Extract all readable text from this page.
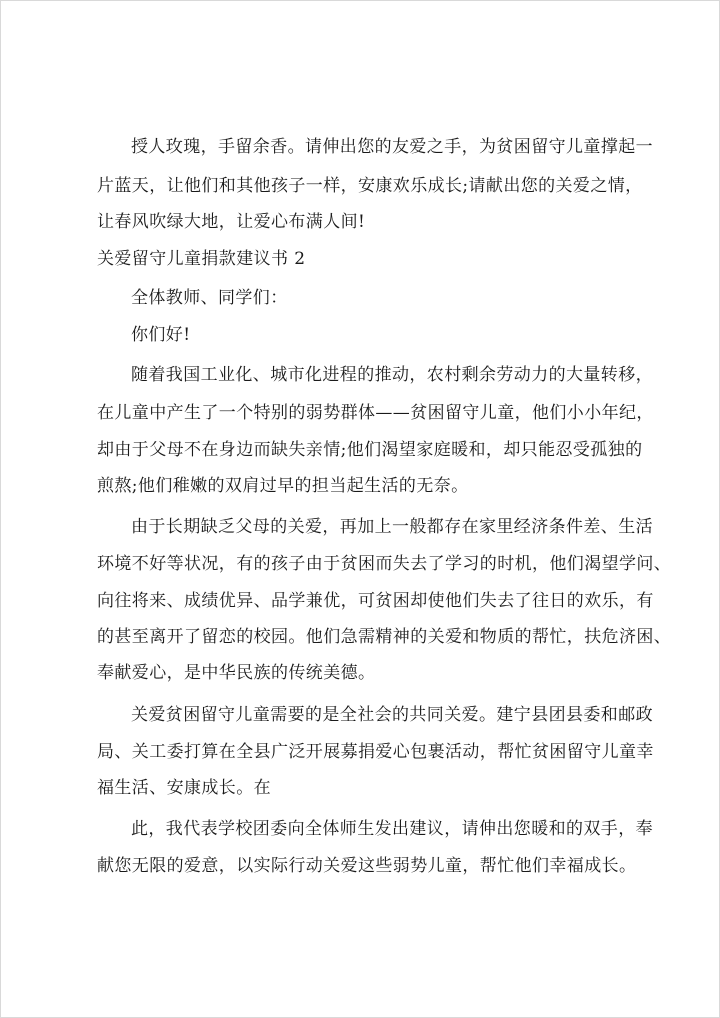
授人玫瑰，手留余香。请伸出您的友爱之手，为贫困留守儿童撑起一
片蓝天，让他们和其他孩子一样，安康欢乐成长;请献出您的关爱之情，
让春风吹绿大地，让爱心布满人间!
关爱留守儿童捐款建议书 2
全体教师、同学们：
你们好!
随着我国工业化、城市化进程的推动，农村剩余劳动力的大量转移，
在儿童中产生了一个特别的弱势群体——贫困留守儿童，他们小小年纪，
却由于父母不在身边而缺失亲情;他们渴望家庭暖和，却只能忍受孤独的
煎熬;他们稚嫩的双肩过早的担当起生活的无奈。
由于长期缺乏父母的关爱，再加上一般都存在家里经济条件差、生活
环境不好等状况，有的孩子由于贫困而失去了学习的时机，他们渴望学问、
向往将来、成绩优异、品学兼优，可贫困却使他们失去了往日的欢乐，有
的甚至离开了留恋的校园。他们急需精神的关爱和物质的帮忙，扶危济困、
奉献爱心，是中华民族的传统美德。
关爱贫困留守儿童需要的是全社会的共同关爱。建宁县团县委和邮政
局、关工委打算在全县广泛开展募捐爱心包裹活动，帮忙贫困留守儿童幸
福生活、安康成长。在
此，我代表学校团委向全体师生发出建议，请伸出您暖和的双手，奉
献您无限的爱意，以实际行动关爱这些弱势儿童，帮忙他们幸福成长。
